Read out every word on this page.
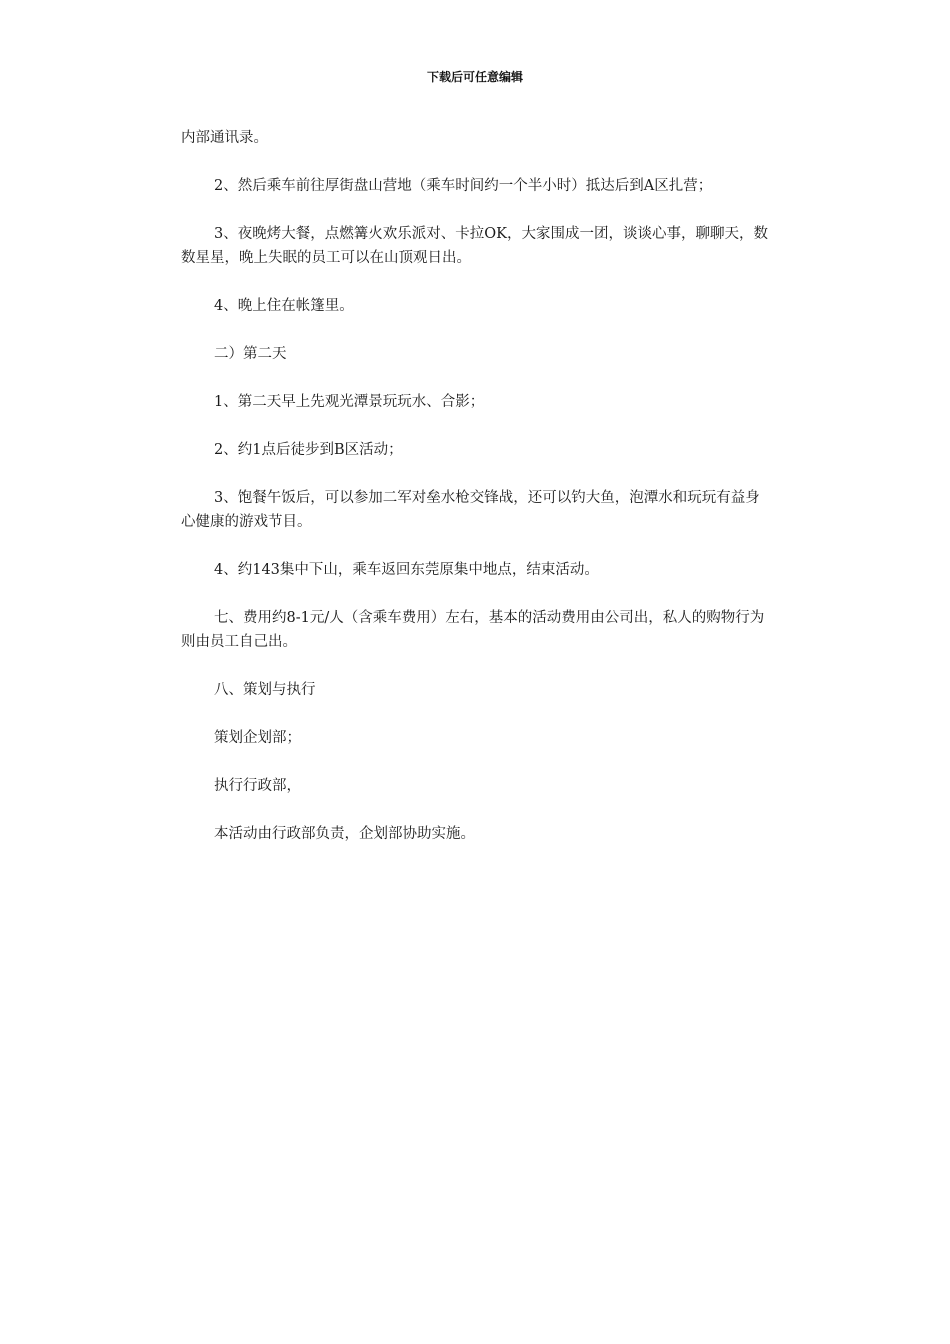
下载后可任意编辑

内部通讯录。

2、然后乘车前往厚街盘山营地（乘车时间约一个半小时）抵达后到A区扎营；

3、夜晚烤大餐，点燃篝火欢乐派对、卡拉OK，大家围成一团，谈谈心事，聊聊天，数数星星，晚上失眠的员工可以在山顶观日出。

4、晚上住在帐篷里。

二）第二天

1、第二天早上先观光潭景玩玩水、合影；

2、约1点后徒步到B区活动；

3、饱餐午饭后，可以参加二军对垒水枪交锋战，还可以钓大鱼，泡潭水和玩玩有益身心健康的游戏节目。

4、约143集中下山，乘车返回东莞原集中地点，结束活动。

七、费用约8-1元/人（含乘车费用）左右，基本的活动费用由公司出，私人的购物行为则由员工自己出。

八、策划与执行

策划企划部；

执行行政部，

本活动由行政部负责，企划部协助实施。
